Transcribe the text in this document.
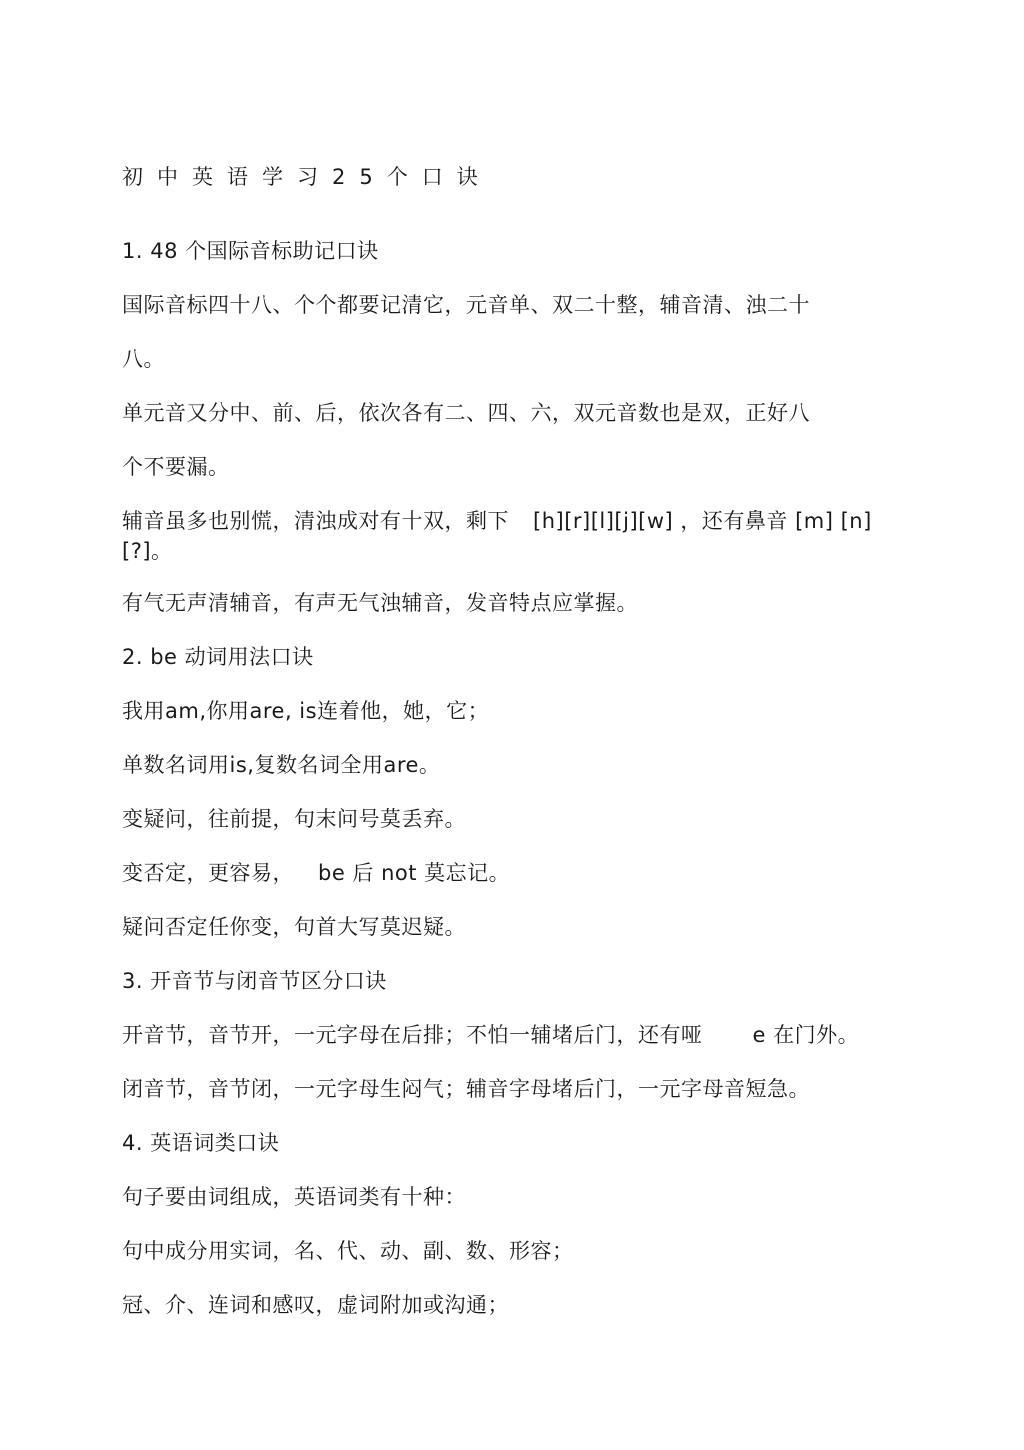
初中英语学习25个口诀
1. 48 个国际音标助记口诀
国际音标四十八、个个都要记清它，元音单、双二十整，辅音清、浊二十
八。
单元音又分中、前、后，依次各有二、四、六，双元音数也是双，正好八
个不要漏。
辅音虽多也别慌，清浊成对有十双，剩下 [h][r][l][j][w] ，还有鼻音 [m] [n]
[?]。
有气无声清辅音，有声无气浊辅音，发音特点应掌握。
2. be 动词用法口诀
我用am,你用are, is连着他，她，它；
单数名词用is,复数名词全用are。
变疑问，往前提，句末问号莫丢弃。
变否定，更容易， be 后 not 莫忘记。
疑问否定任你变，句首大写莫迟疑。
3. 开音节与闭音节区分口诀
开音节，音节开，一元字母在后排；不怕一辅堵后门，还有哑 e 在门外。
闭音节，音节闭，一元字母生闷气；辅音字母堵后门，一元字母音短急。
4. 英语词类口诀
句子要由词组成，英语词类有十种：
句中成分用实词，名、代、动、副、数、形容；
冠、介、连词和感叹，虚词附加或沟通；
